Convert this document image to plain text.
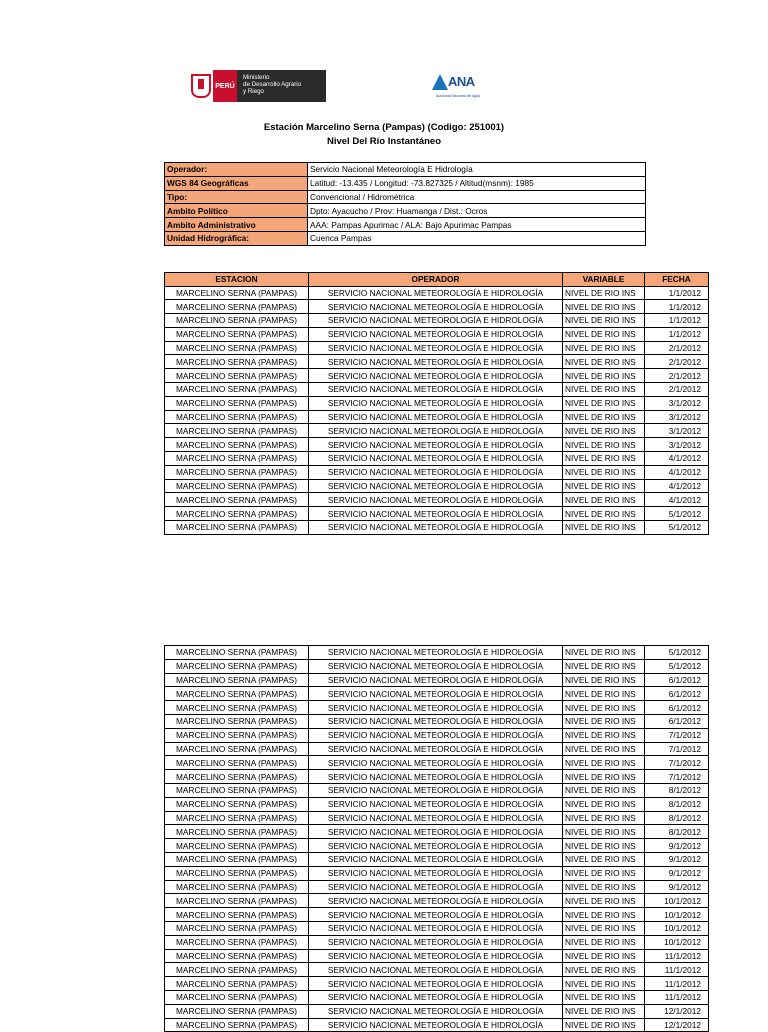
PERÚ
Ministerio
de Desarrollo Agrario
y Riego
ANA
Autoridad Nacional del Agua
Estación Marcelino Serna (Pampas) (Codigo: 251001)
Nivel Del Río Instantáneo
Operador:	Servicio Nacional Meteorología E Hidrología
WGS 84 Geográficas	Latitud: -13.435 / Longitud: -73.827325 / Altitud(msnm): 1985
Tipo:	Convencional / Hidrométrica
Ambito Político	Dpto: Ayacucho / Prov: Huamanga / Dist.: Ocros
Ambito Administrativo	AAA: Pampas Apurimac / ALA: Bajo Apurimac Pampas
Unidad Hidrográfica:	Cuenca Pampas
ESTACION	OPERADOR	VARIABLE	FECHA
MARCELINO SERNA (PAMPAS)	SERVICIO NACIONAL METEOROLOGÍA E HIDROLOGÍA	NIVEL DE RIO INS	1/1/2012
MARCELINO SERNA (PAMPAS)	SERVICIO NACIONAL METEOROLOGÍA E HIDROLOGÍA	NIVEL DE RIO INS	1/1/2012
MARCELINO SERNA (PAMPAS)	SERVICIO NACIONAL METEOROLOGÍA E HIDROLOGÍA	NIVEL DE RIO INS	1/1/2012
MARCELINO SERNA (PAMPAS)	SERVICIO NACIONAL METEOROLOGÍA E HIDROLOGÍA	NIVEL DE RIO INS	1/1/2012
MARCELINO SERNA (PAMPAS)	SERVICIO NACIONAL METEOROLOGÍA E HIDROLOGÍA	NIVEL DE RIO INS	2/1/2012
MARCELINO SERNA (PAMPAS)	SERVICIO NACIONAL METEOROLOGÍA E HIDROLOGÍA	NIVEL DE RIO INS	2/1/2012
MARCELINO SERNA (PAMPAS)	SERVICIO NACIONAL METEOROLOGÍA E HIDROLOGÍA	NIVEL DE RIO INS	2/1/2012
MARCELINO SERNA (PAMPAS)	SERVICIO NACIONAL METEOROLOGÍA E HIDROLOGÍA	NIVEL DE RIO INS	2/1/2012
MARCELINO SERNA (PAMPAS)	SERVICIO NACIONAL METEOROLOGÍA E HIDROLOGÍA	NIVEL DE RIO INS	3/1/2012
MARCELINO SERNA (PAMPAS)	SERVICIO NACIONAL METEOROLOGÍA E HIDROLOGÍA	NIVEL DE RIO INS	3/1/2012
MARCELINO SERNA (PAMPAS)	SERVICIO NACIONAL METEOROLOGÍA E HIDROLOGÍA	NIVEL DE RIO INS	3/1/2012
MARCELINO SERNA (PAMPAS)	SERVICIO NACIONAL METEOROLOGÍA E HIDROLOGÍA	NIVEL DE RIO INS	3/1/2012
MARCELINO SERNA (PAMPAS)	SERVICIO NACIONAL METEOROLOGÍA E HIDROLOGÍA	NIVEL DE RIO INS	4/1/2012
MARCELINO SERNA (PAMPAS)	SERVICIO NACIONAL METEOROLOGÍA E HIDROLOGÍA	NIVEL DE RIO INS	4/1/2012
MARCELINO SERNA (PAMPAS)	SERVICIO NACIONAL METEOROLOGÍA E HIDROLOGÍA	NIVEL DE RIO INS	4/1/2012
MARCELINO SERNA (PAMPAS)	SERVICIO NACIONAL METEOROLOGÍA E HIDROLOGÍA	NIVEL DE RIO INS	4/1/2012
MARCELINO SERNA (PAMPAS)	SERVICIO NACIONAL METEOROLOGÍA E HIDROLOGÍA	NIVEL DE RIO INS	5/1/2012
MARCELINO SERNA (PAMPAS)	SERVICIO NACIONAL METEOROLOGÍA E HIDROLOGÍA	NIVEL DE RIO INS	5/1/2012
MARCELINO SERNA (PAMPAS)	SERVICIO NACIONAL METEOROLOGÍA E HIDROLOGÍA	NIVEL DE RIO INS	5/1/2012
MARCELINO SERNA (PAMPAS)	SERVICIO NACIONAL METEOROLOGÍA E HIDROLOGÍA	NIVEL DE RIO INS	5/1/2012
MARCELINO SERNA (PAMPAS)	SERVICIO NACIONAL METEOROLOGÍA E HIDROLOGÍA	NIVEL DE RIO INS	6/1/2012
MARCELINO SERNA (PAMPAS)	SERVICIO NACIONAL METEOROLOGÍA E HIDROLOGÍA	NIVEL DE RIO INS	6/1/2012
MARCELINO SERNA (PAMPAS)	SERVICIO NACIONAL METEOROLOGÍA E HIDROLOGÍA	NIVEL DE RIO INS	6/1/2012
MARCELINO SERNA (PAMPAS)	SERVICIO NACIONAL METEOROLOGÍA E HIDROLOGÍA	NIVEL DE RIO INS	6/1/2012
MARCELINO SERNA (PAMPAS)	SERVICIO NACIONAL METEOROLOGÍA E HIDROLOGÍA	NIVEL DE RIO INS	7/1/2012
MARCELINO SERNA (PAMPAS)	SERVICIO NACIONAL METEOROLOGÍA E HIDROLOGÍA	NIVEL DE RIO INS	7/1/2012
MARCELINO SERNA (PAMPAS)	SERVICIO NACIONAL METEOROLOGÍA E HIDROLOGÍA	NIVEL DE RIO INS	7/1/2012
MARCELINO SERNA (PAMPAS)	SERVICIO NACIONAL METEOROLOGÍA E HIDROLOGÍA	NIVEL DE RIO INS	7/1/2012
MARCELINO SERNA (PAMPAS)	SERVICIO NACIONAL METEOROLOGÍA E HIDROLOGÍA	NIVEL DE RIO INS	8/1/2012
MARCELINO SERNA (PAMPAS)	SERVICIO NACIONAL METEOROLOGÍA E HIDROLOGÍA	NIVEL DE RIO INS	8/1/2012
MARCELINO SERNA (PAMPAS)	SERVICIO NACIONAL METEOROLOGÍA E HIDROLOGÍA	NIVEL DE RIO INS	8/1/2012
MARCELINO SERNA (PAMPAS)	SERVICIO NACIONAL METEOROLOGÍA E HIDROLOGÍA	NIVEL DE RIO INS	8/1/2012
MARCELINO SERNA (PAMPAS)	SERVICIO NACIONAL METEOROLOGÍA E HIDROLOGÍA	NIVEL DE RIO INS	9/1/2012
MARCELINO SERNA (PAMPAS)	SERVICIO NACIONAL METEOROLOGÍA E HIDROLOGÍA	NIVEL DE RIO INS	9/1/2012
MARCELINO SERNA (PAMPAS)	SERVICIO NACIONAL METEOROLOGÍA E HIDROLOGÍA	NIVEL DE RIO INS	9/1/2012
MARCELINO SERNA (PAMPAS)	SERVICIO NACIONAL METEOROLOGÍA E HIDROLOGÍA	NIVEL DE RIO INS	9/1/2012
MARCELINO SERNA (PAMPAS)	SERVICIO NACIONAL METEOROLOGÍA E HIDROLOGÍA	NIVEL DE RIO INS	10/1/2012
MARCELINO SERNA (PAMPAS)	SERVICIO NACIONAL METEOROLOGÍA E HIDROLOGÍA	NIVEL DE RIO INS	10/1/2012
MARCELINO SERNA (PAMPAS)	SERVICIO NACIONAL METEOROLOGÍA E HIDROLOGÍA	NIVEL DE RIO INS	10/1/2012
MARCELINO SERNA (PAMPAS)	SERVICIO NACIONAL METEOROLOGÍA E HIDROLOGÍA	NIVEL DE RIO INS	10/1/2012
MARCELINO SERNA (PAMPAS)	SERVICIO NACIONAL METEOROLOGÍA E HIDROLOGÍA	NIVEL DE RIO INS	11/1/2012
MARCELINO SERNA (PAMPAS)	SERVICIO NACIONAL METEOROLOGÍA E HIDROLOGÍA	NIVEL DE RIO INS	11/1/2012
MARCELINO SERNA (PAMPAS)	SERVICIO NACIONAL METEOROLOGÍA E HIDROLOGÍA	NIVEL DE RIO INS	11/1/2012
MARCELINO SERNA (PAMPAS)	SERVICIO NACIONAL METEOROLOGÍA E HIDROLOGÍA	NIVEL DE RIO INS	11/1/2012
MARCELINO SERNA (PAMPAS)	SERVICIO NACIONAL METEOROLOGÍA E HIDROLOGÍA	NIVEL DE RIO INS	12/1/2012
MARCELINO SERNA (PAMPAS)	SERVICIO NACIONAL METEOROLOGÍA E HIDROLOGÍA	NIVEL DE RIO INS	12/1/2012
